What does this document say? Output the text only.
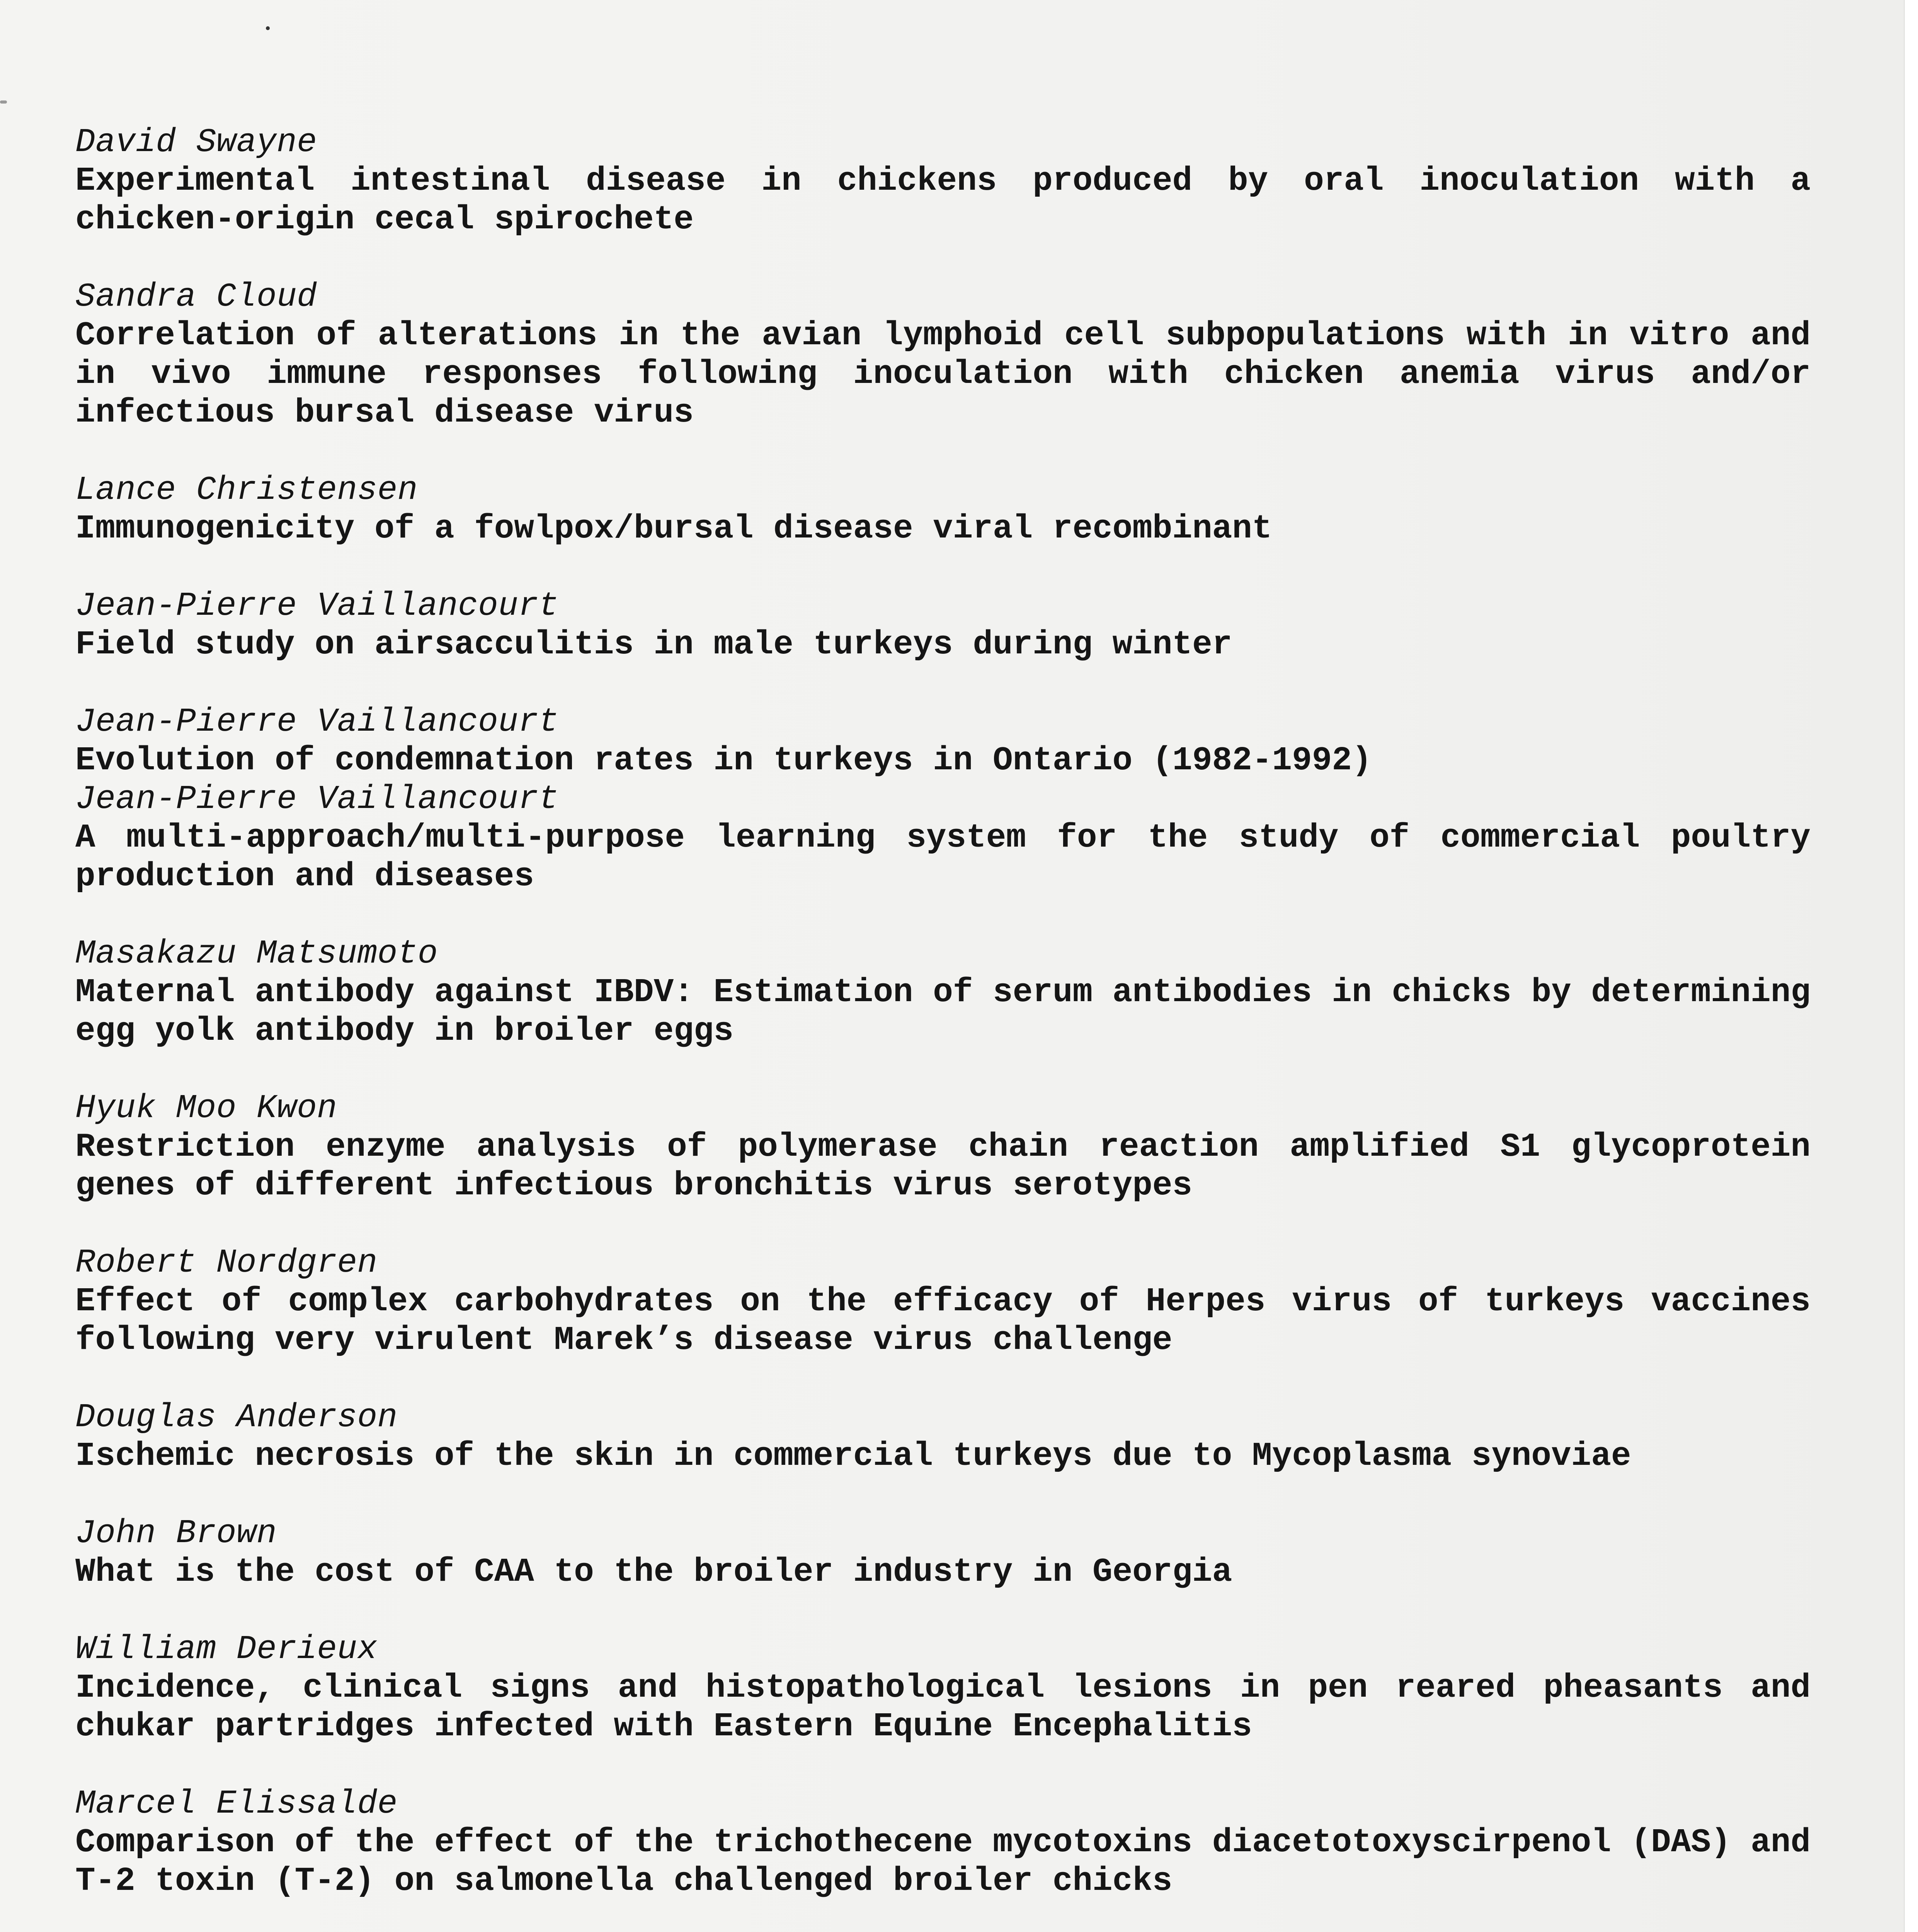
David Swayne
Experimental intestinal disease in chickens produced by oral inoculation with a chicken-origin cecal spirochete
Sandra Cloud
Correlation of alterations in the avian lymphoid cell subpopulations with in vitro and in vivo immune responses following inoculation with chicken anemia virus and/or infectious bursal disease virus
Lance Christensen
Immunogenicity of a fowlpox/bursal disease viral recombinant
Jean-Pierre Vaillancourt
Field study on airsacculitis in male turkeys during winter
Jean-Pierre Vaillancourt
Evolution of condemnation rates in turkeys in Ontario (1982-1992)
Jean-Pierre Vaillancourt
A multi-approach/multi-purpose learning system for the study of commercial poultry production and diseases
Masakazu Matsumoto
Maternal antibody against IBDV: Estimation of serum antibodies in chicks by determining egg yolk antibody in broiler eggs
Hyuk Moo Kwon
Restriction enzyme analysis of polymerase chain reaction amplified S1 glycoprotein genes of different infectious bronchitis virus serotypes
Robert Nordgren
Effect of complex carbohydrates on the efficacy of Herpes virus of turkeys vaccines following very virulent Marek’s disease virus challenge
Douglas Anderson
Ischemic necrosis of the skin in commercial turkeys due to Mycoplasma synoviae
John Brown
What is the cost of CAA to the broiler industry in Georgia
William Derieux
Incidence, clinical signs and histopathological lesions in pen reared pheasants and chukar partridges infected with Eastern Equine Encephalitis
Marcel Elissalde
Comparison of the effect of the trichothecene mycotoxins diacetotoxyscirpenol (DAS) and T-2 toxin (T-2) on salmonella challenged broiler chicks
